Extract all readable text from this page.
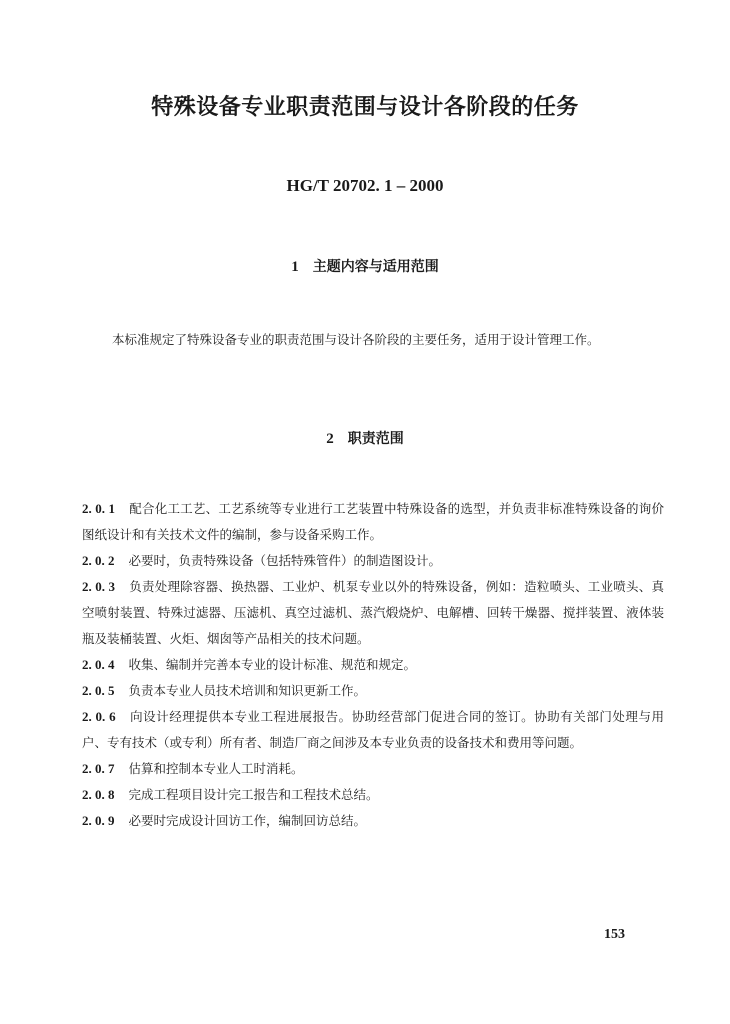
特殊设备专业职责范围与设计各阶段的任务
HG/T 20702. 1 – 2000
1 主题内容与适用范围
本标准规定了特殊设备专业的职责范围与设计各阶段的主要任务，适用于设计管理工作。
2 职责范围

2. 0. 1 配合化工工艺、工艺系统等专业进行工艺装置中特殊设备的选型，并负责非标准特殊设备的询价图纸设计和有关技术文件的编制，参与设备采购工作。

2. 0. 2 必要时，负责特殊设备（包括特殊管件）的制造图设计。

2. 0. 3 负责处理除容器、换热器、工业炉、机泵专业以外的特殊设备，例如：造粒喷头、工业喷头、真空喷射装置、特殊过滤器、压滤机、真空过滤机、蒸汽煅烧炉、电解槽、回转干燥器、搅拌装置、液体装瓶及装桶装置、火炬、烟囱等产品相关的技术问题。

2. 0. 4 收集、编制并完善本专业的设计标准、规范和规定。

2. 0. 5 负责本专业人员技术培训和知识更新工作。

2. 0. 6 向设计经理提供本专业工程进展报告。协助经营部门促进合同的签订。协助有关部门处理与用户、专有技术（或专利）所有者、制造厂商之间涉及本专业负责的设备技术和费用等问题。

2. 0. 7 估算和控制本专业人工时消耗。

2. 0. 8 完成工程项目设计完工报告和工程技术总结。

2. 0. 9 必要时完成设计回访工作，编制回访总结。

153
